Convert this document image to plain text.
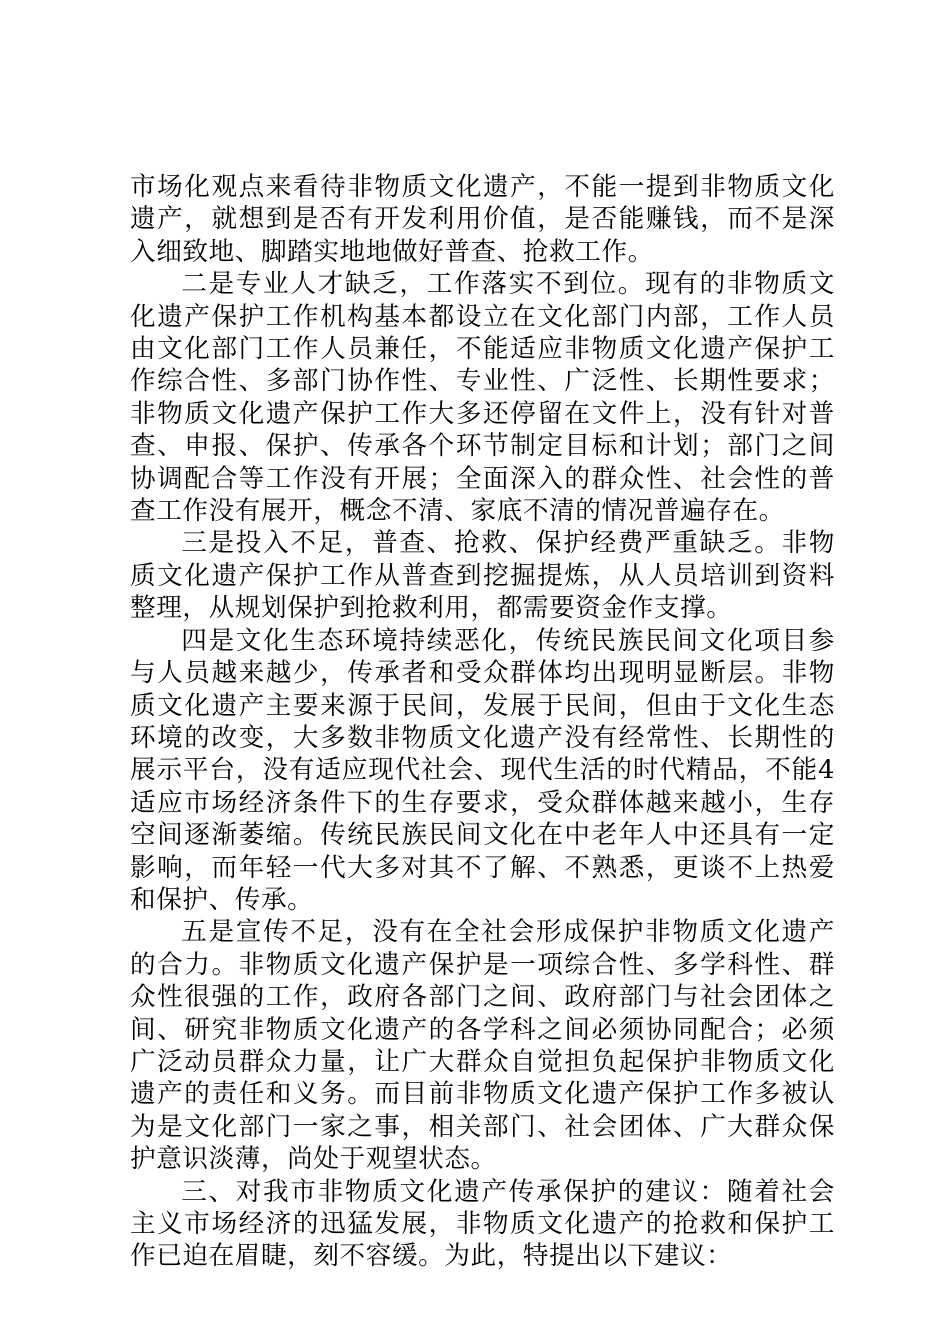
市场化观点来看待非物质文化遗产，不能一提到非物质文化遗产，就想到是否有开发利用价值，是否能赚钱，而不是深入细致地、脚踏实地地做好普查、抢救工作。

二是专业人才缺乏，工作落实不到位。现有的非物质文化遗产保护工作机构基本都设立在文化部门内部，工作人员由文化部门工作人员兼任，不能适应非物质文化遗产保护工作综合性、多部门协作性、专业性、广泛性、长期性要求；非物质文化遗产保护工作大多还停留在文件上，没有针对普查、申报、保护、传承各个环节制定目标和计划；部门之间协调配合等工作没有开展；全面深入的群众性、社会性的普查工作没有展开，概念不清、家底不清的情况普遍存在。

三是投入不足，普查、抢救、保护经费严重缺乏。非物质文化遗产保护工作从普查到挖掘提炼，从人员培训到资料整理，从规划保护到抢救利用，都需要资金作支撑。

四是文化生态环境持续恶化，传统民族民间文化项目参与人员越来越少，传承者和受众群体均出现明显断层。非物质文化遗产主要来源于民间，发展于民间，但由于文化生态环境的改变，大多数非物质文化遗产没有经常性、长期性的展示平台，没有适应现代社会、现代生活的时代精品，不能4适应市场经济条件下的生存要求，受众群体越来越小，生存空间逐渐萎缩。传统民族民间文化在中老年人中还具有一定影响，而年轻一代大多对其不了解、不熟悉，更谈不上热爱和保护、传承。

五是宣传不足，没有在全社会形成保护非物质文化遗产的合力。非物质文化遗产保护是一项综合性、多学科性、群众性很强的工作，政府各部门之间、政府部门与社会团体之间、研究非物质文化遗产的各学科之间必须协同配合；必须广泛动员群众力量，让广大群众自觉担负起保护非物质文化遗产的责任和义务。而目前非物质文化遗产保护工作多被认为是文化部门一家之事，相关部门、社会团体、广大群众保护意识淡薄，尚处于观望状态。

三、对我市非物质文化遗产传承保护的建议：随着社会主义市场经济的迅猛发展，非物质文化遗产的抢救和保护工作已迫在眉睫，刻不容缓。为此，特提出以下建议：
